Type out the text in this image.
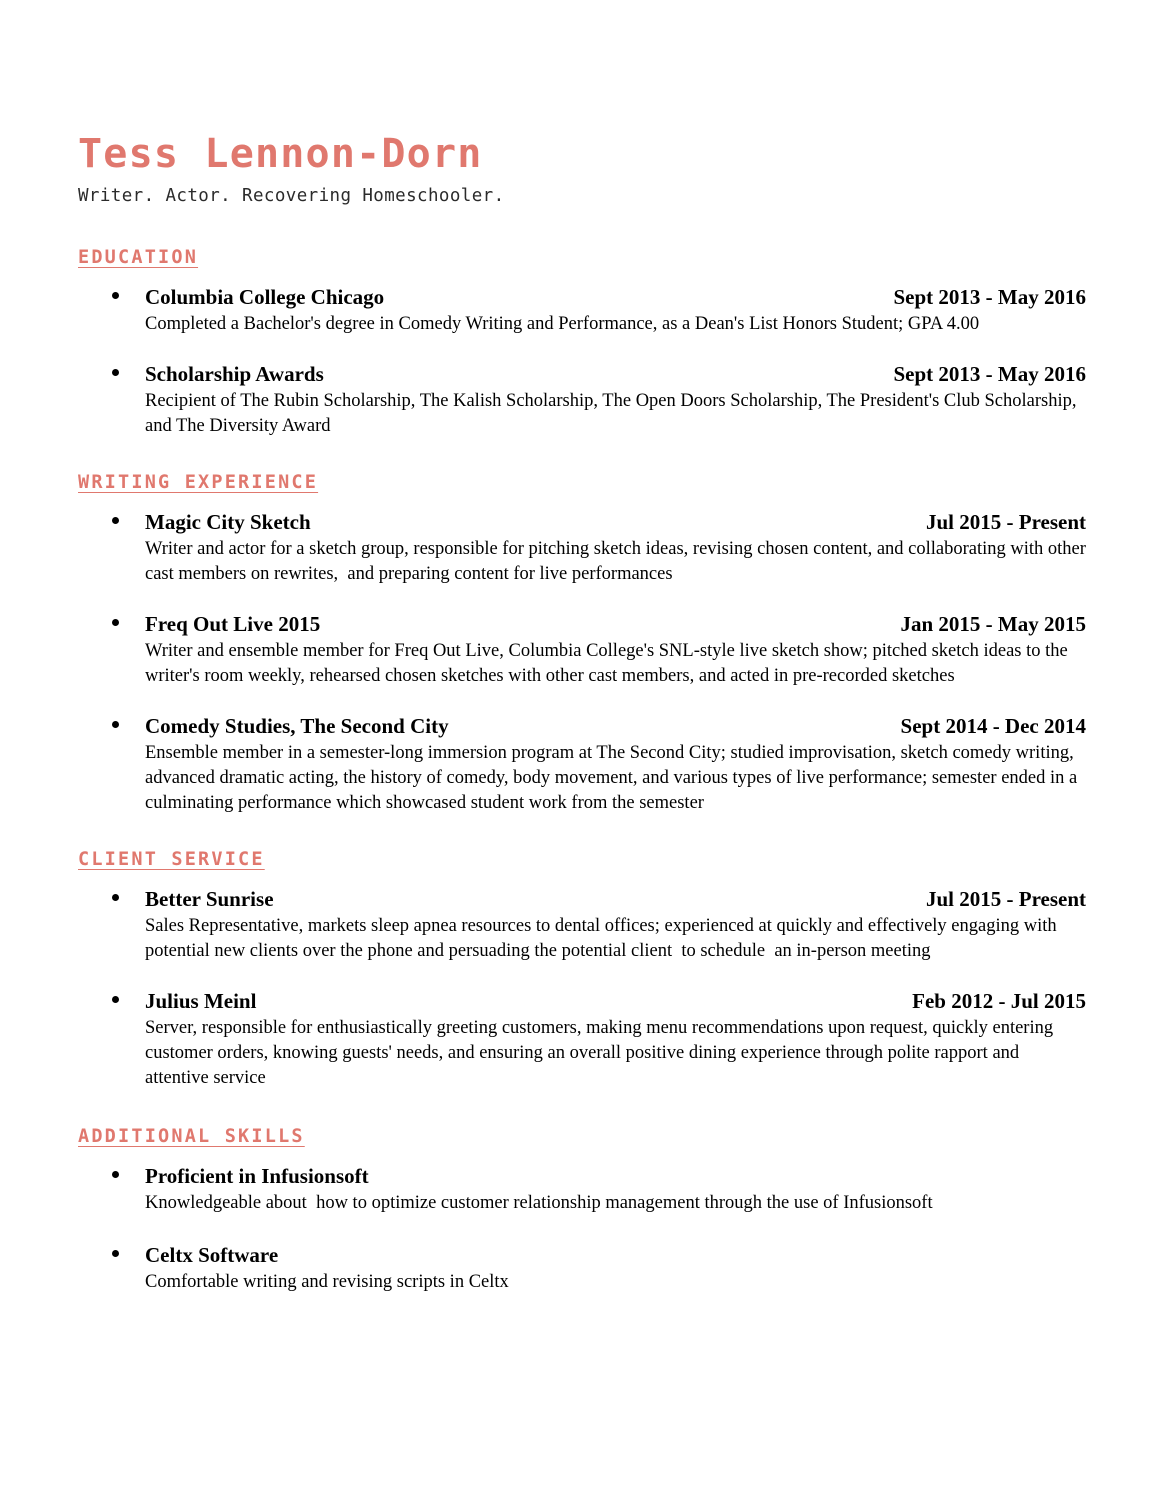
Tess Lennon-Dorn
Writer. Actor. Recovering Homeschooler.
EDUCATION
Sept 2013 - May 2016
Columbia College Chicago
Completed a Bachelor's degree in Comedy Writing and Performance, as a Dean's List Honors Student; GPA 4.00
Sept 2013 - May 2016
Scholarship Awards
Recipient of The Rubin Scholarship, The Kalish Scholarship, The Open Doors Scholarship, The President's Club Scholarship, and The Diversity Award
WRITING EXPERIENCE
Jul 2015 - Present
Magic City Sketch
Writer and actor for a sketch group, responsible for pitching sketch ideas, revising chosen content, and collaborating with other cast members on rewrites,  and preparing content for live performances
Jan 2015 - May 2015
Freq Out Live 2015
Writer and ensemble member for Freq Out Live, Columbia College's SNL-style live sketch show; pitched sketch ideas to the writer's room weekly, rehearsed chosen sketches with other cast members, and acted in pre-recorded sketches
Sept 2014 - Dec 2014
Comedy Studies, The Second City
Ensemble member in a semester-long immersion program at The Second City; studied improvisation, sketch comedy writing, advanced dramatic acting, the history of comedy, body movement, and various types of live performance; semester ended in a culminating performance which showcased student work from the semester
CLIENT SERVICE
Jul 2015 - Present
Better Sunrise
Sales Representative, markets sleep apnea resources to dental offices; experienced at quickly and effectively engaging with potential new clients over the phone and persuading the potential client  to schedule  an in-person meeting
Feb 2012 - Jul 2015
Julius Meinl
Server, responsible for enthusiastically greeting customers, making menu recommendations upon request, quickly entering customer orders, knowing guests' needs, and ensuring an overall positive dining experience through polite rapport and attentive service
ADDITIONAL SKILLS
Proficient in Infusionsoft
Knowledgeable about  how to optimize customer relationship management through the use of Infusionsoft
Celtx Software
Comfortable writing and revising scripts in Celtx
